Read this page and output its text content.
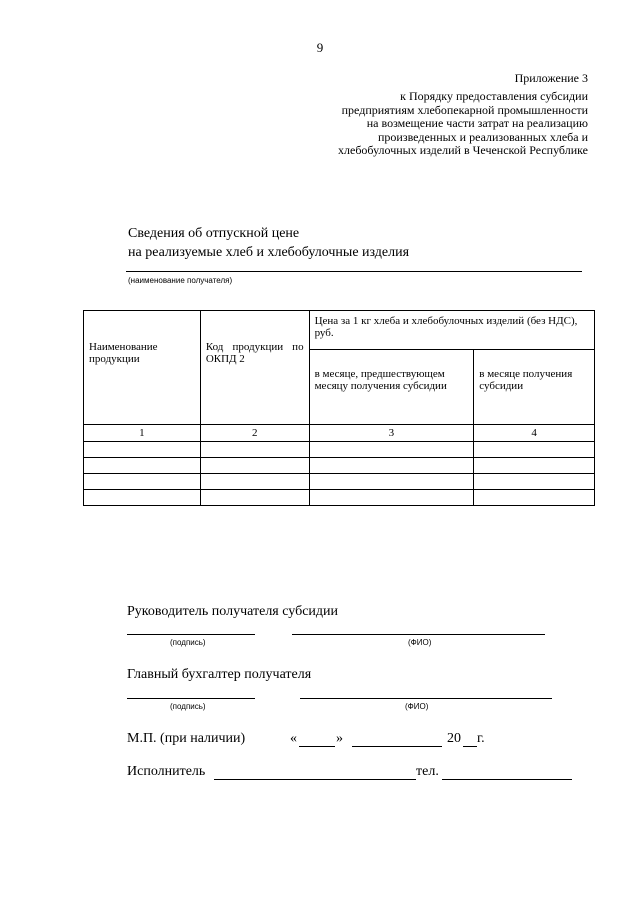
9
Приложение 3
к Порядку предоставления субсидии
предприятиям хлебопекарной промышленности
на возмещение части затрат на реализацию
произведенных и реализованных хлеба и
хлебобулочных изделий в Чеченской Республике
Сведения об отпускной цене
на реализуемые хлеб и хлебобулочные изделия
(наименование получателя)
Наименование продукции	Код продукции по ОКПД 2	Цена за 1 кг хлеба и хлебобулочных изделий (без НДС), руб.	
		в месяце, предшествующем месяцу получения субсидии	в месяце получения субсидии
1	2	3	4

Руководитель получателя субсидии
(подпись)	(ФИО)
Главный бухгалтер получателя
(подпись)	(ФИО)
М.П. (при наличии)	«	»	20 г.
Исполнитель	тел.
